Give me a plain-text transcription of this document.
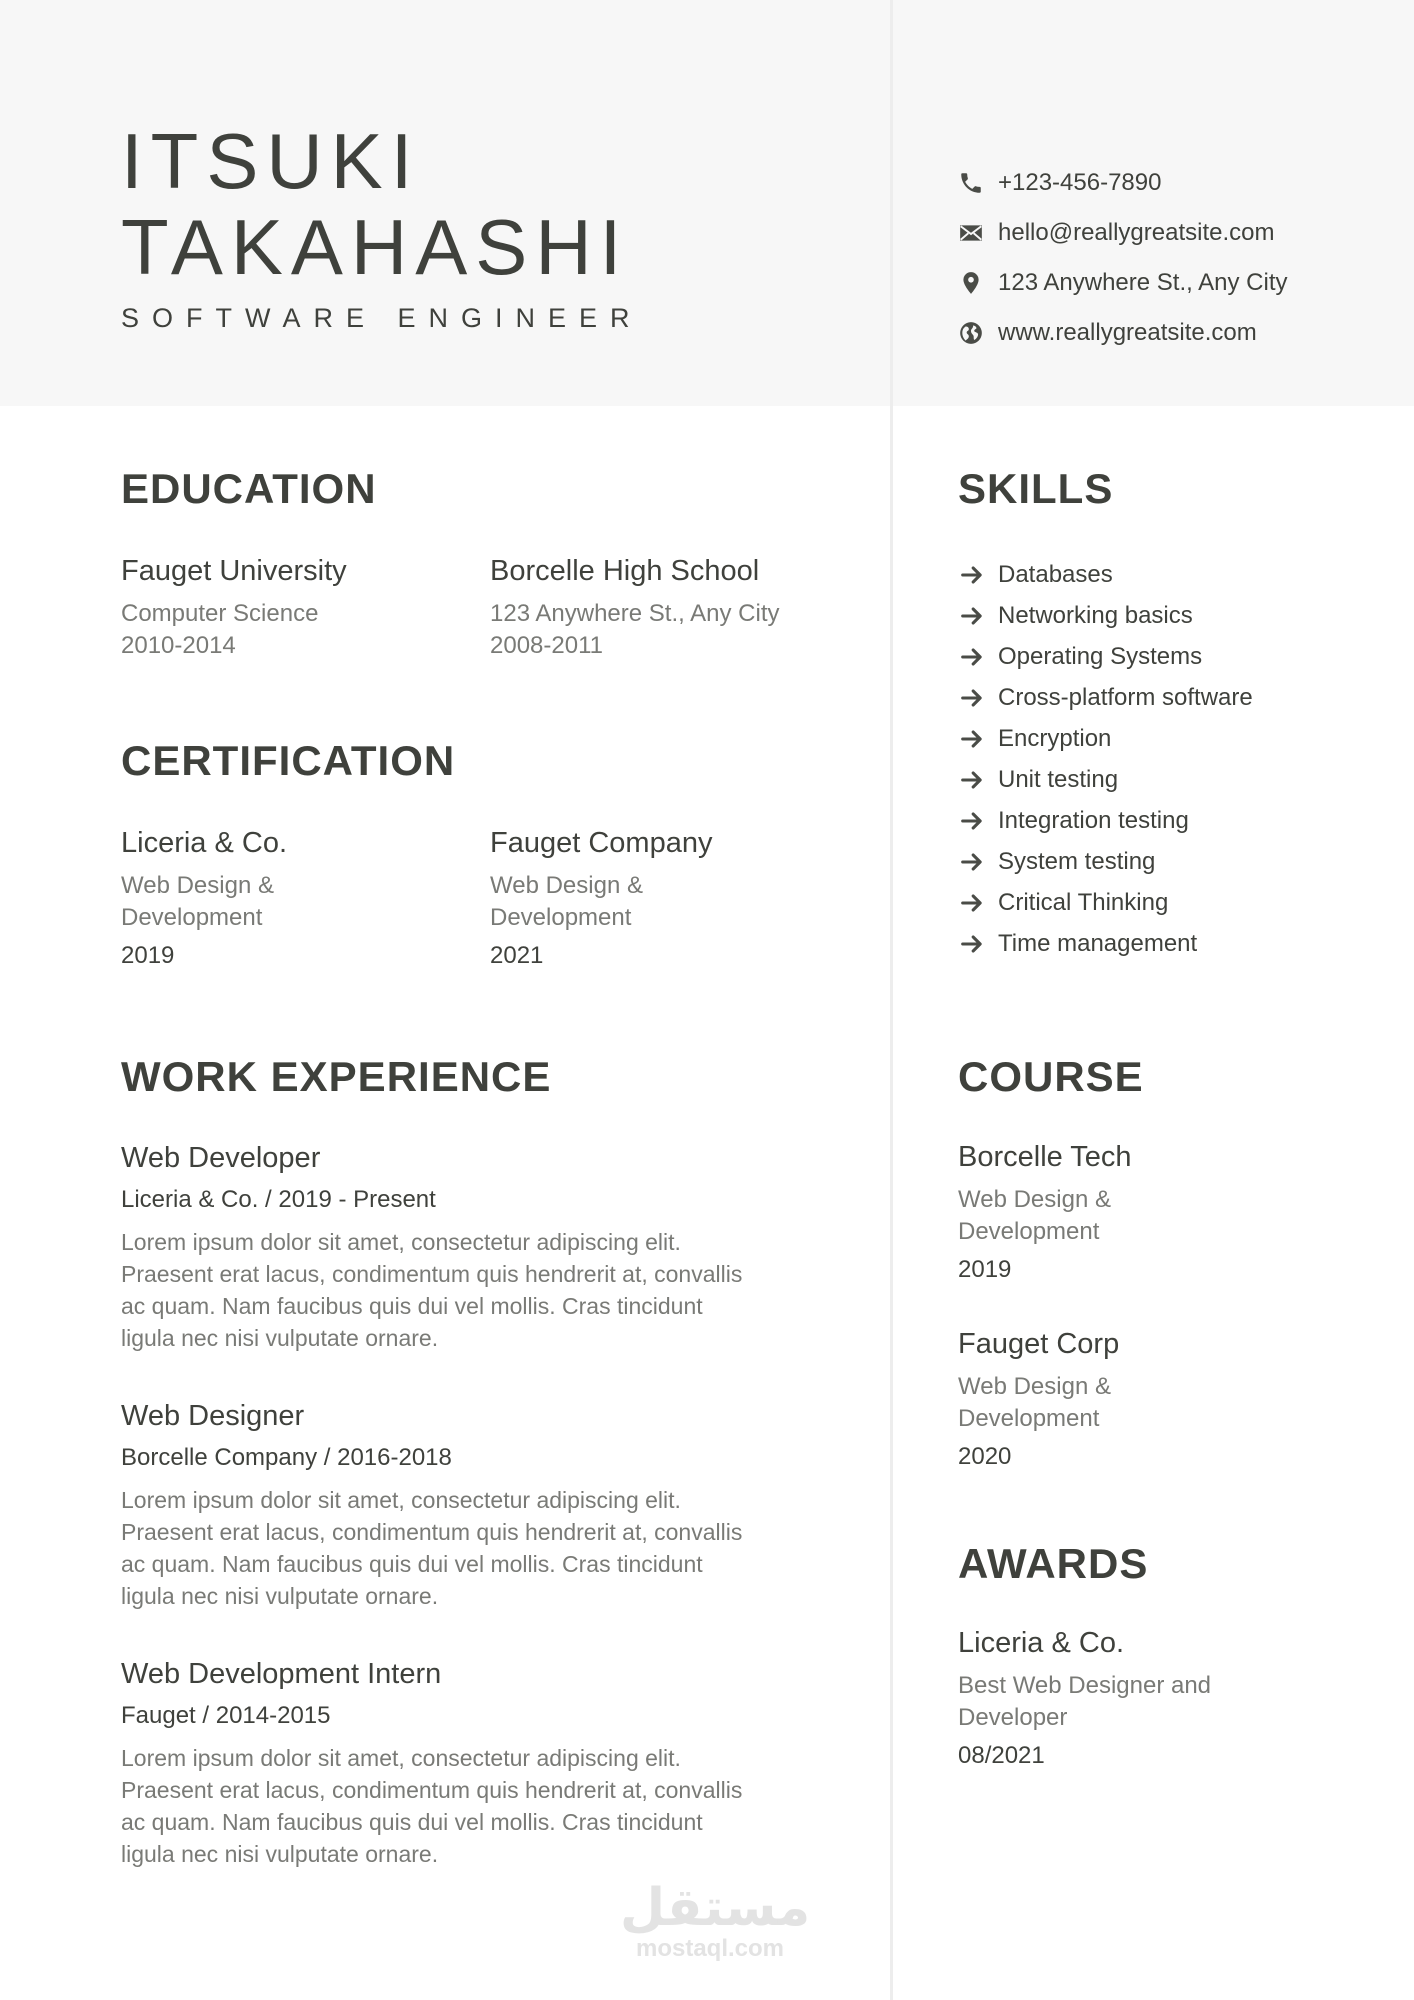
ITSUKI
TAKAHASHI

SOFTWARE ENGINEER

+123-456-7890
hello@reallygreatsite.com
123 Anywhere St., Any City
www.reallygreatsite.com
EDUCATION

Fauget University

Computer Science

2010-2014

Borcelle High School

123 Anywhere St., Any City

2008-2011

CERTIFICATION

Liceria & Co.

Web Design &

Development

2019

Fauget Company

Web Design &

Development

2021

WORK EXPERIENCE

Web Developer

Liceria & Co. / 2019 - Present

Lorem ipsum dolor sit amet, consectetur adipiscing elit.
Praesent erat lacus, condimentum quis hendrerit at, convallis
ac quam. Nam faucibus quis dui vel mollis. Cras tincidunt
ligula nec nisi vulputate ornare.

Web Designer

Borcelle Company / 2016-2018

Lorem ipsum dolor sit amet, consectetur adipiscing elit.
Praesent erat lacus, condimentum quis hendrerit at, convallis
ac quam. Nam faucibus quis dui vel mollis. Cras tincidunt
ligula nec nisi vulputate ornare.

Web Development Intern

Fauget / 2014-2015

Lorem ipsum dolor sit amet, consectetur adipiscing elit.
Praesent erat lacus, condimentum quis hendrerit at, convallis
ac quam. Nam faucibus quis dui vel mollis. Cras tincidunt
ligula nec nisi vulputate ornare.

SKILLS
Databases
Networking basics
Operating Systems
Cross-platform software
Encryption
Unit testing
Integration testing
System testing
Critical Thinking
Time management
COURSE

Borcelle Tech

Web Design &

Development

2019

Fauget Corp

Web Design &

Development

2020

AWARDS

Liceria & Co.

Best Web Designer and

Developer

08/2021

مستقل
mostaql.com
